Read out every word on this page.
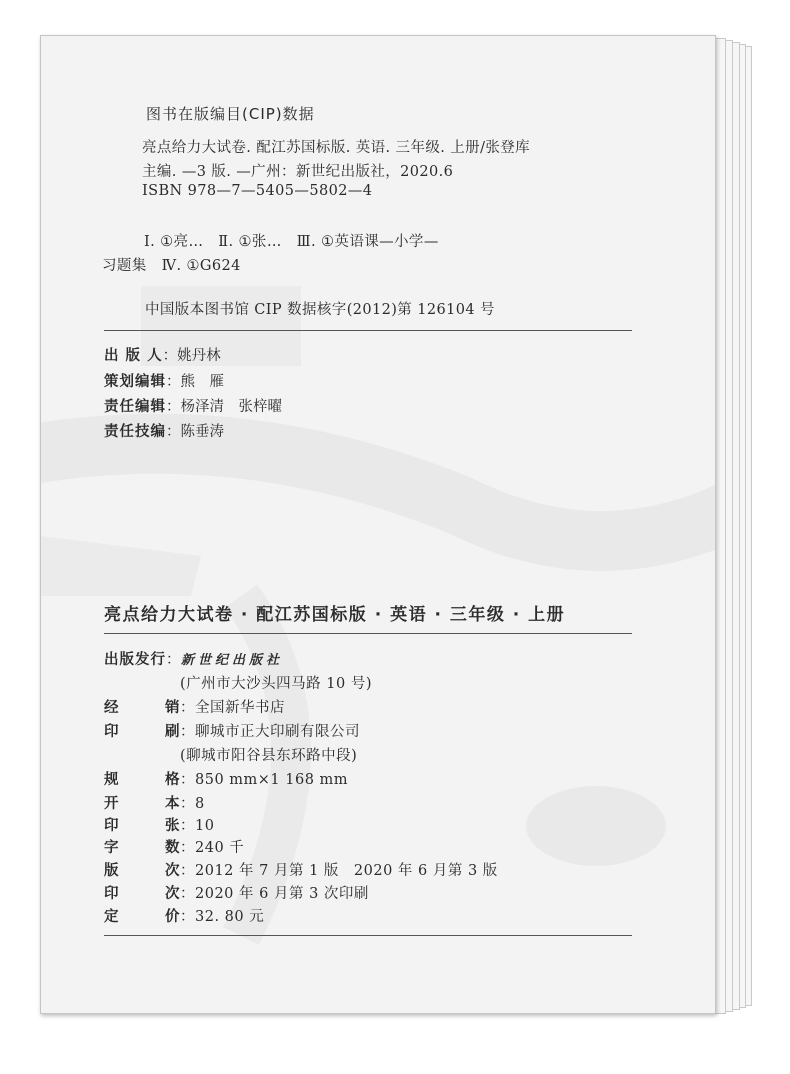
图书在版编目(CIP)数据
亮点给力大试卷. 配江苏国标版. 英语. 三年级. 上册/张登库
主编. —3 版. —广州：新世纪出版社，2020.6
ISBN 978—7—5405—5802—4
Ⅰ. ①亮…　Ⅱ. ①张…　Ⅲ. ①英语课—小学—
习题集　Ⅳ. ①G624
中国版本图书馆 CIP 数据核字(2012)第 126104 号
出 版 人：姚丹林
策划编辑：熊　雁
责任编辑：杨泽清　张梓曜
责任技编：陈垂涛
亮点给力大试卷 · 配江苏国标版 · 英语 · 三年级 · 上册
出版发行：新世纪出版社
(广州市大沙头四马路 10 号)
经销：全国新华书店
印刷：聊城市正大印刷有限公司
(聊城市阳谷县东环路中段)
规格：850 mm×1 168 mm
开本：8
印张：10
字数：240 千
版次：2012 年 7 月第 1 版　2020 年 6 月第 3 版
印次：2020 年 6 月第 3 次印刷
定价：32. 80 元
